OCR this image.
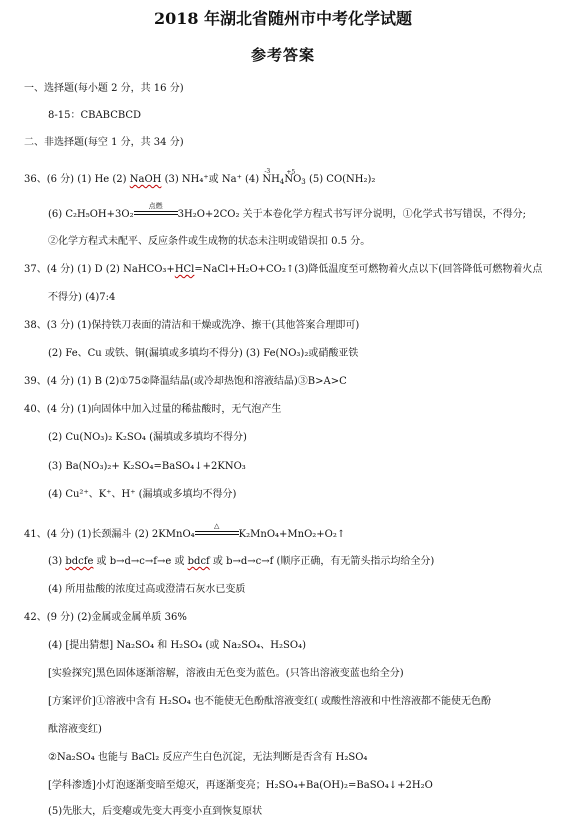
2018 年湖北省随州市中考化学试题
参考答案
一、选择题(每小题 2 分，共 16 分)
8-15：CBABCBCD
二、非选择题(每空 1 分，共 34 分)
36、(6 分) (1) He (2) NaOH (3) NH₄⁺或 Na⁺ (4)
-3
$NH_4$
+5
$NO_3$ (5) CO(NH₂)₂
(6) C₂H₅OH+3O₂
点燃
3H₂O+2CO₂ 关于本卷化学方程式书写评分说明，①化学式书写错误，不得分;
②化学方程式未配平、反应条件或生成物的状态未注明或错误扣 0.5 分。
37、(4 分) (1) D (2) NaHCO₃+HCl=NaCl+H₂O+CO₂↑(3)降低温度至可燃物着火点以下(回答降低可燃物着火点
不得分) (4)7:4
38、(3 分) (1)保持铁刀表面的清洁和干燥或洗净、擦干(其他答案合理即可)
(2) Fe、Cu 或铁、铜(漏填或多填均不得分) (3) Fe(NO₃)₂或硝酸亚铁
39、(4 分) (1) B (2)①75②降温结晶(或冷却热饱和溶液结晶)③B>A>C
40、(4 分) (1)向固体中加入过量的稀盐酸时，无气泡产生
(2) Cu(NO₃)₂ K₂SO₄ (漏填或多填均不得分)
(3) Ba(NO₃)₂+ K₂SO₄=BaSO₄↓+2KNO₃
(4) Cu²⁺、K⁺、H⁺ (漏填或多填均不得分)
41、(4 分) (1)长颈漏斗 (2) 2KMnO₄
△
K₂MnO₄+MnO₂+O₂↑
(3) bdcfe 或 b→d→c→f→e 或 bdcf 或 b→d→c→f (顺序正确，有无箭头指示均给全分)
(4) 所用盐酸的浓度过高或澄清石灰水已变质
42、(9 分) (2)金属或金属单质 36%
(4) [提出猜想] Na₂SO₄ 和 H₂SO₄ (或 Na₂SO₄、H₂SO₄)
[实验探究]黑色固体逐渐溶解，溶液由无色变为蓝色。(只答出溶液变蓝也给全分)
[方案评价]①溶液中含有 H₂SO₄ 也不能使无色酚酞溶液变红( 或酸性溶液和中性溶液都不能使无色酚
酞溶液变红)
②Na₂SO₄ 也能与 BaCl₂ 反应产生白色沉淀，无法判断是否含有 H₂SO₄
[学科渗透]小灯泡逐渐变暗至熄灭，再逐渐变亮；H₂SO₄+Ba(OH)₂=BaSO₄↓+2H₂O
(5)先胀大，后变瘪或先变大再变小直到恢复原状
